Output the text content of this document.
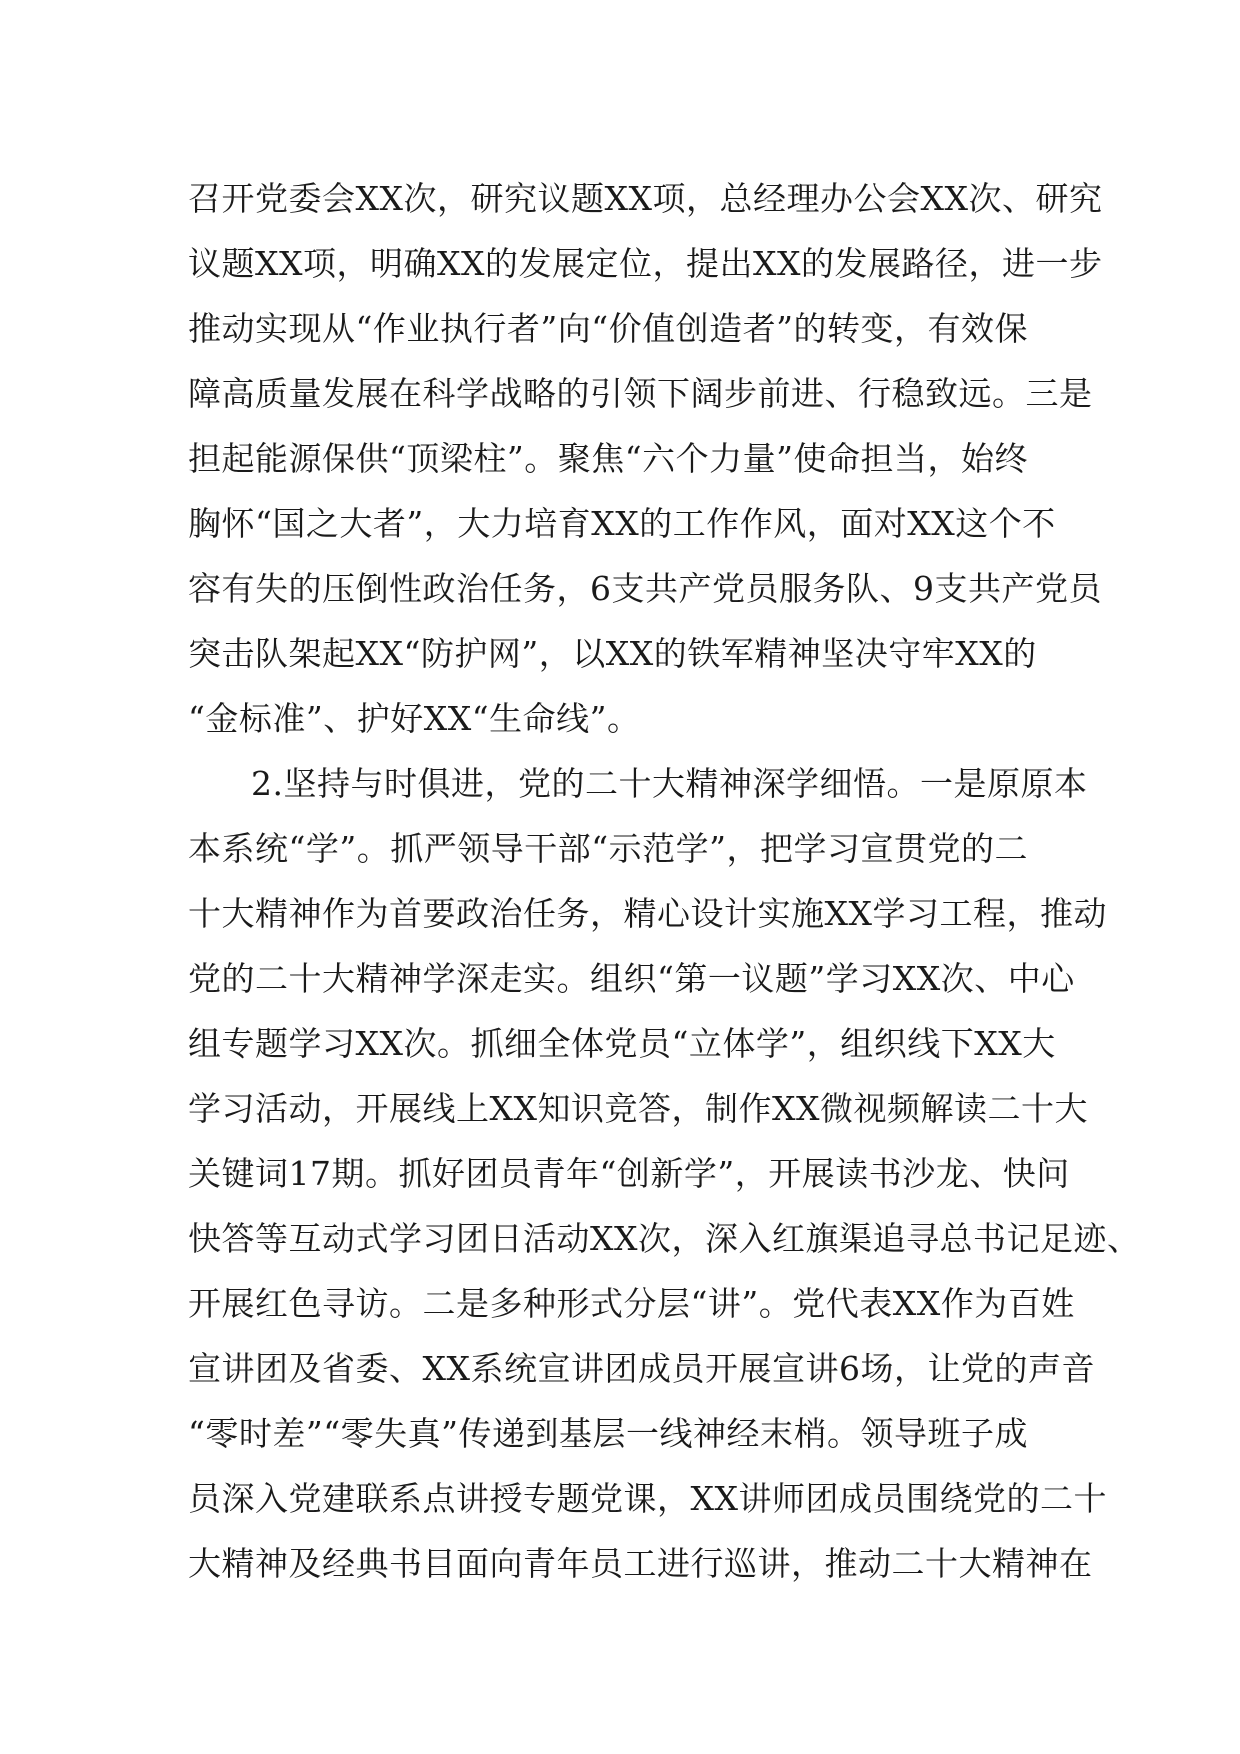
召开党委会XX次，研究议题XX项，总经理办公会XX次、研究
议题XX项，明确XX的发展定位，提出XX的发展路径，进一步
推动实现从“作业执行者”向“价值创造者”的转变，有效保
障高质量发展在科学战略的引领下阔步前进、行稳致远。三是
担起能源保供“顶梁柱”。聚焦“六个力量”使命担当，始终
胸怀“国之大者”，大力培育XX的工作作风，面对XX这个不
容有失的压倒性政治任务，6支共产党员服务队、9支共产党员
突击队架起XX“防护网”，以XX的铁军精神坚决守牢XX的
“金标准”、护好XX“生命线”。
2.坚持与时俱进，党的二十大精神深学细悟。一是原原本
本系统“学”。抓严领导干部“示范学”，把学习宣贯党的二
十大精神作为首要政治任务，精心设计实施XX学习工程，推动
党的二十大精神学深走实。组织“第一议题”学习XX次、中心
组专题学习XX次。抓细全体党员“立体学”，组织线下XX大
学习活动，开展线上XX知识竞答，制作XX微视频解读二十大
关键词17期。抓好团员青年“创新学”，开展读书沙龙、快问
快答等互动式学习团日活动XX次，深入红旗渠追寻总书记足迹、
开展红色寻访。二是多种形式分层“讲”。党代表XX作为百姓
宣讲团及省委、XX系统宣讲团成员开展宣讲6场，让党的声音
“零时差”“零失真”传递到基层一线神经末梢。领导班子成
员深入党建联系点讲授专题党课，XX讲师团成员围绕党的二十
大精神及经典书目面向青年员工进行巡讲，推动二十大精神在
